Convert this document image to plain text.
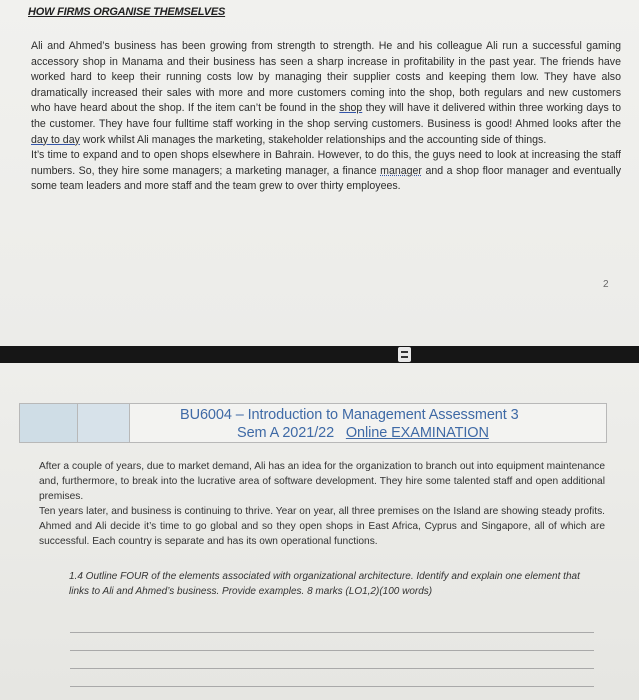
HOW FIRMS ORGANISE THEMSELVES

Ali and Ahmed’s business has been growing from strength to strength. He and his colleague Ali run a successful gaming accessory shop in Manama and their business has seen a sharp increase in profitability in the past year. The friends have worked hard to keep their running costs low by managing their supplier costs and keeping them low. They have also dramatically increased their sales with more and more customers coming into the shop, both regulars and new customers who have heard about the shop. If the item can’t be found in the shop they will have it delivered within three working days to the customer. They have four fulltime staff working in the shop serving customers. Business is good! Ahmed looks after the day to day work whilst Ali manages the marketing, stakeholder relationships and the accounting side of things.

It’s time to expand and to open shops elsewhere in Bahrain. However, to do this, the guys need to look at increasing the staff numbers. So, they hire some managers; a marketing manager, a finance manager and a shop floor manager and eventually some team leaders and more staff and the team grew to over thirty employees.

2
BU6004 – Introduction to Management Assessment 3
Sem A 2021/22 Online EXAMINATION

After a couple of years, due to market demand, Ali has an idea for the organization to branch out into equipment maintenance and, furthermore, to break into the lucrative area of software development. They hire some talented staff and open additional premises.

Ten years later, and business is continuing to thrive. Year on year, all three premises on the Island are showing steady profits. Ahmed and Ali decide it’s time to go global and so they open shops in East Africa, Cyprus and Singapore, all of which are successful. Each country is separate and has its own operational functions.

1.4 Outline FOUR of the elements associated with organizational architecture. Identify and explain one element that links to Ali and Ahmed’s business. Provide examples. 8 marks (LO1,2)(100 words)
